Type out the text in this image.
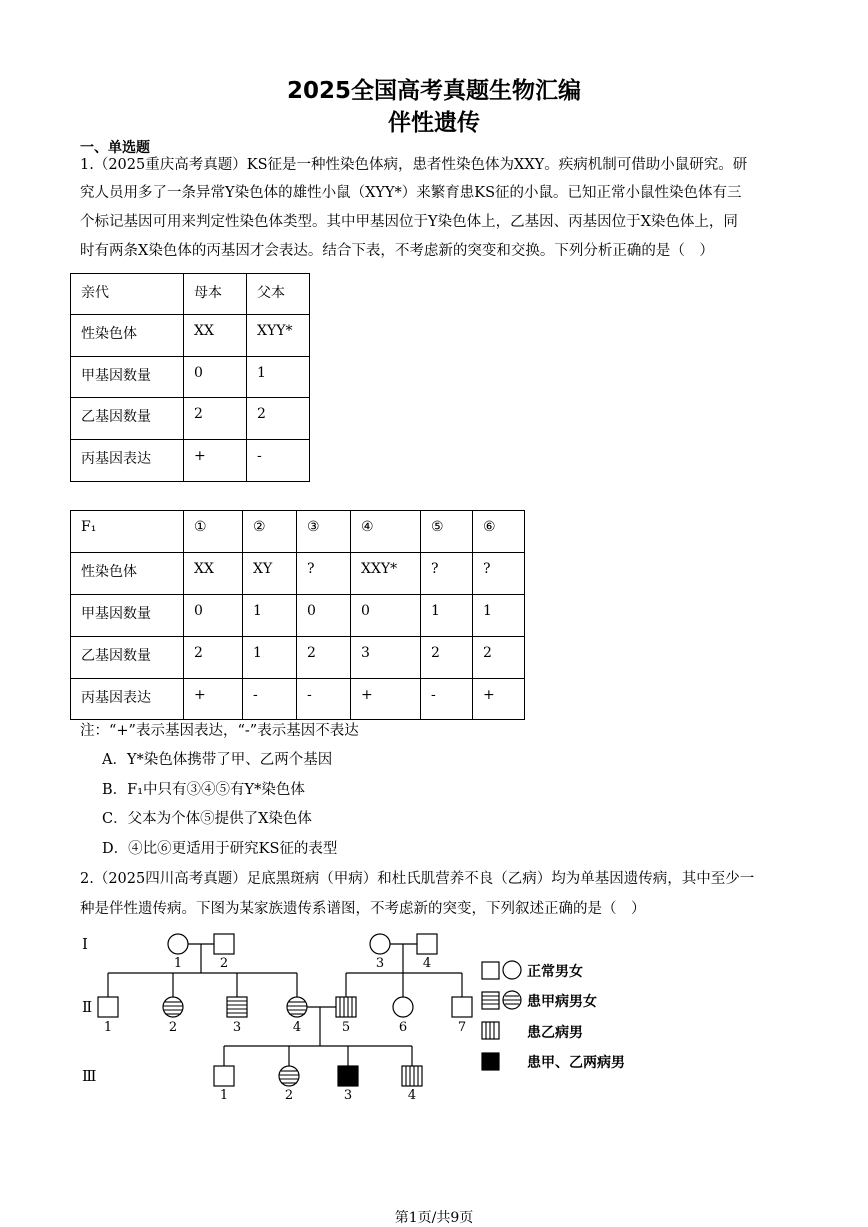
2025全国高考真题生物汇编
伴性遗传
一、单选题
1.（2025重庆高考真题）KS征是一种性染色体病，患者性染色体为XXY。疾病机制可借助小鼠研究。研
究人员用多了一条异常Y染色体的雄性小鼠（XYY*）来繁育患KS征的小鼠。已知正常小鼠性染色体有三
个标记基因可用来判定性染色体类型。其中甲基因位于Y染色体上，乙基因、丙基因位于X染色体上，同
时有两条X染色体的丙基因才会表达。结合下表，不考虑新的突变和交换。下列分析正确的是（　）
亲代	母本	父本
性染色体	XX	XYY*
甲基因数量	0	1
乙基因数量	2	2
丙基因表达	+	-
F₁	①	②	③	④	⑤	⑥
性染色体	XX	XY	?	XXY*	?	?
甲基因数量	0	1	0	0	1	1
乙基因数量	2	1	2	3	2	2
丙基因表达	+	-	-	+	-	+
注：“+”表示基因表达，“-”表示基因不表达
A．Y*染色体携带了甲、乙两个基因
B．F₁中只有③④⑤有Y*染色体
C．父本为个体⑤提供了X染色体
D．④比⑥更适用于研究KS征的表型
2.（2025四川高考真题）足底黑斑病（甲病）和杜氏肌营养不良（乙病）均为单基因遗传病，其中至少一
种是伴性遗传病。下图为某家族遗传系谱图，不考虑新的突变，下列叙述正确的是（　）
Ⅰ
Ⅱ
Ⅲ
1	2	3	4
1	2	3	4	5	6	7
1	2	3	4
正常男女
患甲病男女
患乙病男
患甲、乙两病男
第1页/共9页
